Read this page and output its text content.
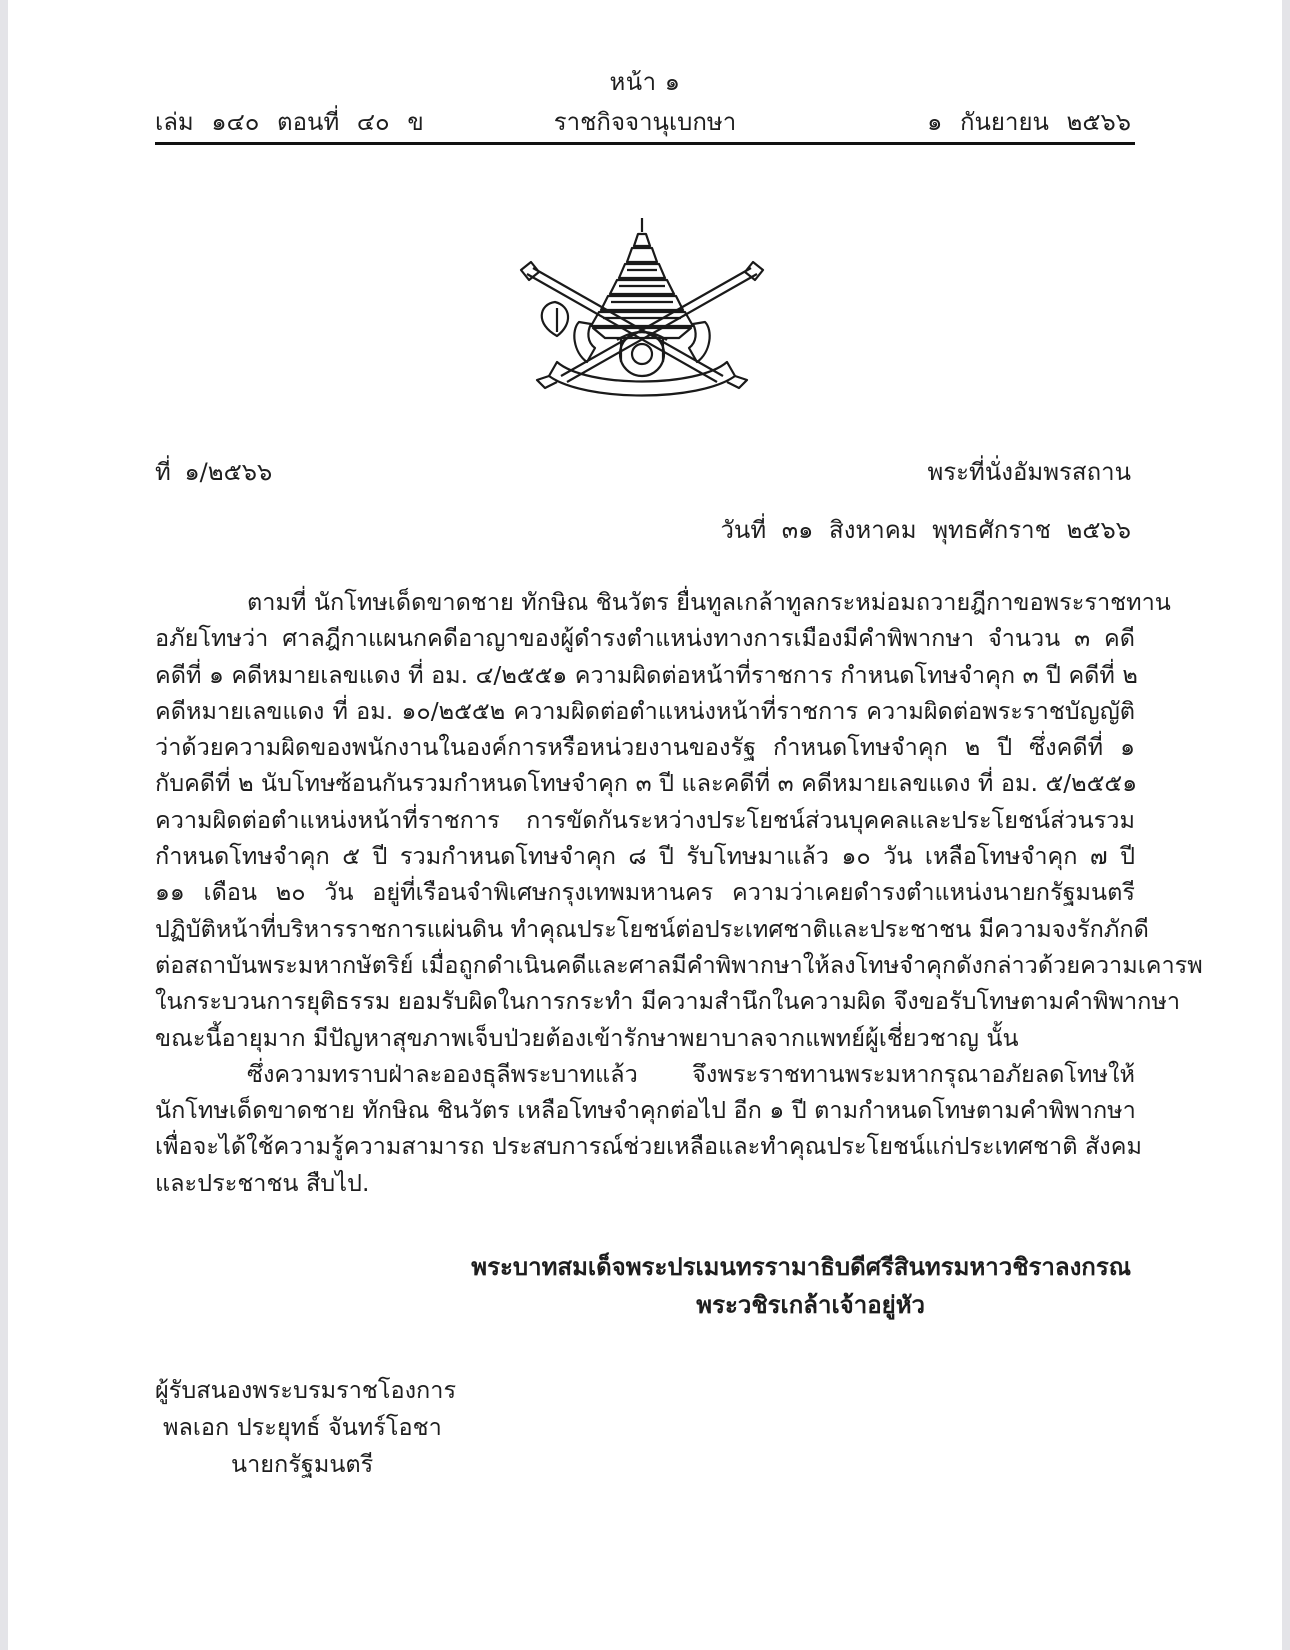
หน้า ๑
เล่ม ๑๔๐ ตอนที่ ๔๐ ข	ราชกิจจานุเบกษา	๑ กันยายน ๒๕๖๖
ที่ ๑/๒๕๖๖	พระที่นั่งอัมพรสถาน
วันที่ ๓๑ สิงหาคม พุทธศักราช ๒๕๖๖
ตามที่ นักโทษเด็ดขาดชาย ทักษิณ ชินวัตร ยื่นทูลเกล้าทูลกระหม่อมถวายฎีกาขอพระราชทาน
อภัยโทษว่า ศาลฎีกาแผนกคดีอาญาของผู้ดำรงตำแหน่งทางการเมืองมีคำพิพากษา จำนวน ๓ คดี
คดีที่ ๑ คดีหมายเลขแดง ที่ อม. ๔/๒๕๕๑ ความผิดต่อหน้าที่ราชการ กำหนดโทษจำคุก ๓ ปี คดีที่ ๒
คดีหมายเลขแดง ที่ อม. ๑๐/๒๕๕๒ ความผิดต่อตำแหน่งหน้าที่ราชการ ความผิดต่อพระราชบัญญัติ
ว่าด้วยความผิดของพนักงานในองค์การหรือหน่วยงานของรัฐ กำหนดโทษจำคุก ๒ ปี ซึ่งคดีที่ ๑
กับคดีที่ ๒ นับโทษซ้อนกันรวมกำหนดโทษจำคุก ๓ ปี และคดีที่ ๓ คดีหมายเลขแดง ที่ อม. ๕/๒๕๕๑
ความผิดต่อตำแหน่งหน้าที่ราชการ การขัดกันระหว่างประโยชน์ส่วนบุคคลและประโยชน์ส่วนรวม
กำหนดโทษจำคุก ๕ ปี รวมกำหนดโทษจำคุก ๘ ปี รับโทษมาแล้ว ๑๐ วัน เหลือโทษจำคุก ๗ ปี
๑๑ เดือน ๒๐ วัน อยู่ที่เรือนจำพิเศษกรุงเทพมหานคร ความว่าเคยดำรงตำแหน่งนายกรัฐมนตรี
ปฏิบัติหน้าที่บริหารราชการแผ่นดิน ทำคุณประโยชน์ต่อประเทศชาติและประชาชน มีความจงรักภักดี
ต่อสถาบันพระมหากษัตริย์ เมื่อถูกดำเนินคดีและศาลมีคำพิพากษาให้ลงโทษจำคุกดังกล่าวด้วยความเคารพ
ในกระบวนการยุติธรรม ยอมรับผิดในการกระทำ มีความสำนึกในความผิด จึงขอรับโทษตามคำพิพากษา
ขณะนี้อายุมาก มีปัญหาสุขภาพเจ็บป่วยต้องเข้ารักษาพยาบาลจากแพทย์ผู้เชี่ยวชาญ นั้น
ซึ่งความทราบฝ่าละอองธุลีพระบาทแล้ว จึงพระราชทานพระมหากรุณาอภัยลดโทษให้
นักโทษเด็ดขาดชาย ทักษิณ ชินวัตร เหลือโทษจำคุกต่อไป อีก ๑ ปี ตามกำหนดโทษตามคำพิพากษา
เพื่อจะได้ใช้ความรู้ความสามารถ ประสบการณ์ช่วยเหลือและทำคุณประโยชน์แก่ประเทศชาติ สังคม
และประชาชน สืบไป.
พระบาทสมเด็จพระปรเมนทรรามาธิบดีศรีสินทรมหาวชิราลงกรณ
พระวชิรเกล้าเจ้าอยู่หัว
ผู้รับสนองพระบรมราชโองการ
พลเอก ประยุทธ์ จันทร์โอชา
นายกรัฐมนตรี
